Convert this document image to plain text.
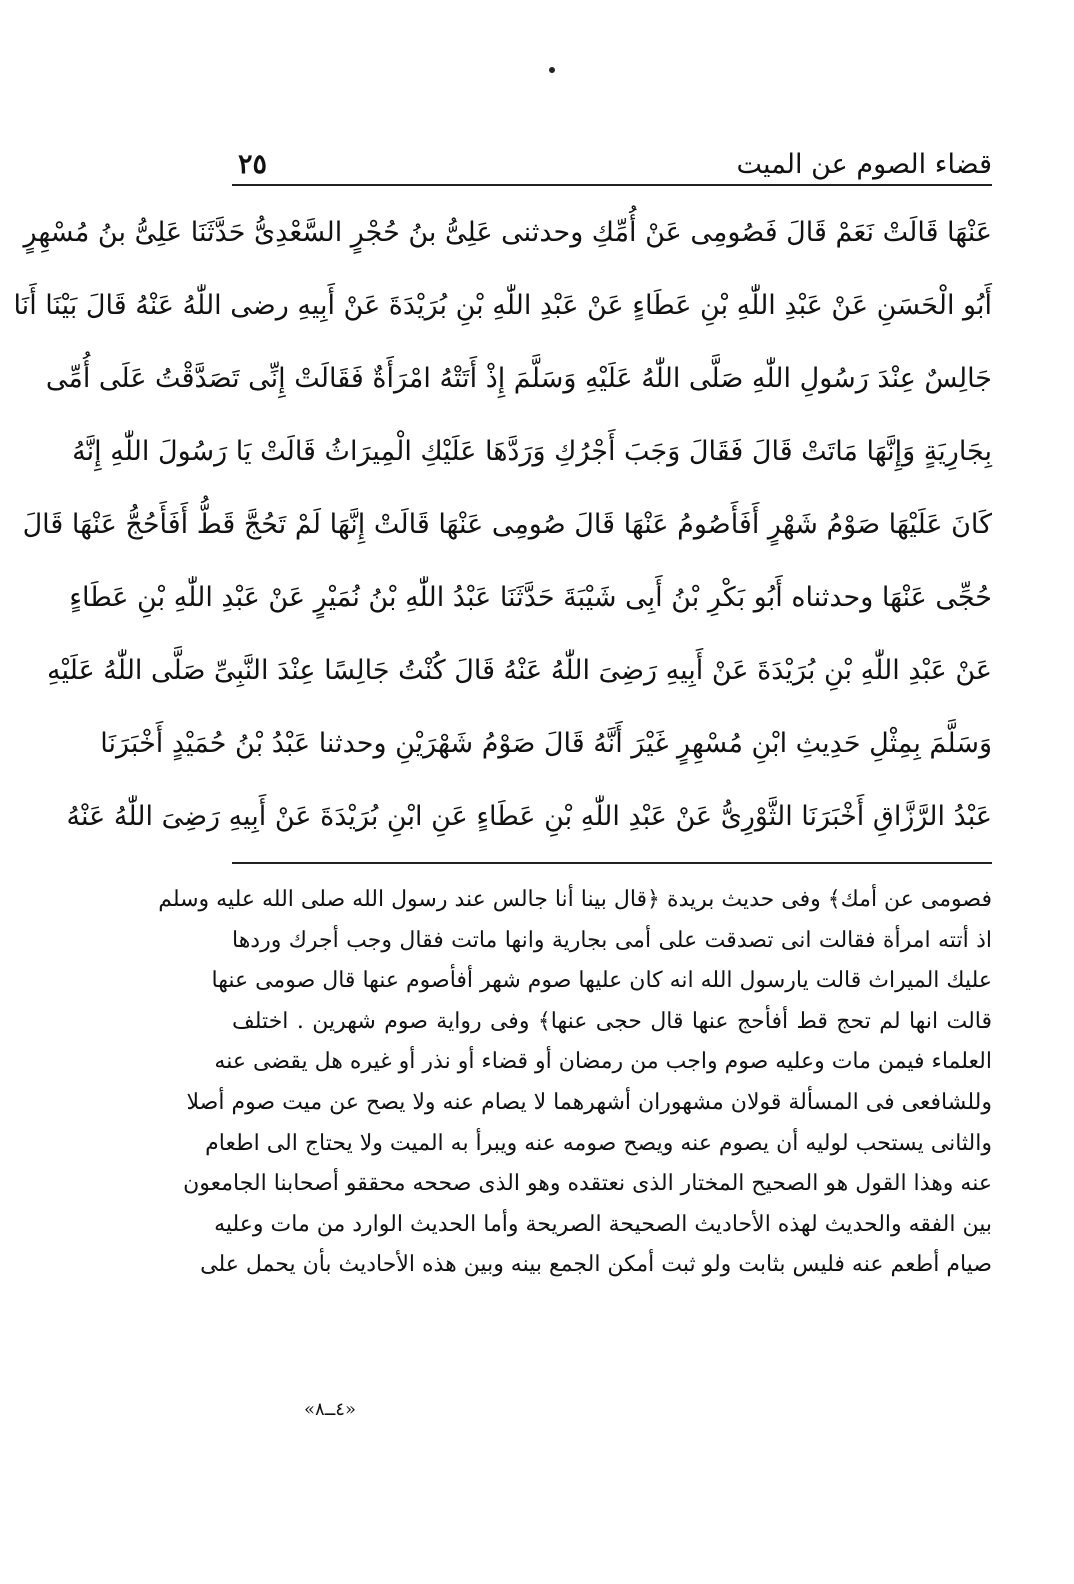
قضاء الصوم عن الميت
٢٥
عَنْهَا قَالَتْ نَعَمْ قَالَ فَصُومِى عَنْ أُمِّكِ وحدثنى عَلِىُّ بنُ حُجْرٍ السَّعْدِىُّ حَدَّثَنَا عَلِىُّ بنُ مُسْهِرٍ
أَبُو الْحَسَنِ عَنْ عَبْدِ اللّٰهِ بْنِ عَطَاءٍ عَنْ عَبْدِ اللّٰهِ بْنِ بُرَيْدَةَ عَنْ أَبِيهِ رضى اللّٰهُ عَنْهُ قَالَ بَيْنَا أَنَا
جَالِسٌ عِنْدَ رَسُولِ اللّٰهِ صَلَّى اللّٰهُ عَلَيْهِ وَسَلَّمَ إِذْ أَتَتْهُ امْرَأَةٌ فَقَالَتْ إِنِّى تَصَدَّقْتُ عَلَى أُمِّى
بِجَارِيَةٍ وَإِنَّهَا مَاتَتْ قَالَ فَقَالَ وَجَبَ أَجْرُكِ وَرَدَّهَا عَلَيْكِ الْمِيرَاثُ قَالَتْ يَا رَسُولَ اللّٰهِ إِنَّهُ
كَانَ عَلَيْهَا صَوْمُ شَهْرٍ أَفَأَصُومُ عَنْهَا قَالَ صُومِى عَنْهَا قَالَتْ إِنَّهَا لَمْ تَحُجَّ قَطُّ أَفَأَحُجُّ عَنْهَا قَالَ
حُجِّى عَنْهَا وحدثناه أَبُو بَكْرِ بْنُ أَبِى شَيْبَةَ حَدَّثَنَا عَبْدُ اللّٰهِ بْنُ نُمَيْرٍ عَنْ عَبْدِ اللّٰهِ بْنِ عَطَاءٍ
عَنْ عَبْدِ اللّٰهِ بْنِ بُرَيْدَةَ عَنْ أَبِيهِ رَضِىَ اللّٰهُ عَنْهُ قَالَ كُنْتُ جَالِسًا عِنْدَ النَّبِىِّ صَلَّى اللّٰهُ عَلَيْهِ
وَسَلَّمَ بِمِثْلِ حَدِيثِ ابْنِ مُسْهِرٍ غَيْرَ أَنَّهُ قَالَ صَوْمُ شَهْرَيْنِ وحدثنا عَبْدُ بْنُ حُمَيْدٍ أَخْبَرَنَا
عَبْدُ الرَّزَّاقِ أَخْبَرَنَا الثَّوْرِىُّ عَنْ عَبْدِ اللّٰهِ بْنِ عَطَاءٍ عَنِ ابْنِ بُرَيْدَةَ عَنْ أَبِيهِ رَضِىَ اللّٰهُ عَنْهُ
فصومى عن أمك﴾ وفى حديث بريدة ﴿قال بينا أنا جالس عند رسول الله صلى الله عليه وسلم
اذ أتته امرأة فقالت انى تصدقت على أمى بجارية وانها ماتت فقال وجب أجرك وردها
عليك الميراث قالت يارسول الله انه كان عليها صوم شهر أفأصوم عنها قال صومى عنها
قالت انها لم تحج قط أفأحج عنها قال حجى عنها﴾ وفى رواية صوم شهرين . اختلف
العلماء فيمن مات وعليه صوم واجب من رمضان أو قضاء أو نذر أو غيره هل يقضى عنه
وللشافعى فى المسألة قولان مشهوران أشهرهما لا يصام عنه ولا يصح عن ميت صوم أصلا
والثانى يستحب لوليه أن يصوم عنه ويصح صومه عنه ويبرأ به الميت ولا يحتاج الى اطعام
عنه وهذا القول هو الصحيح المختار الذى نعتقده وهو الذى صححه محققو أصحابنا الجامعون
بين الفقه والحديث لهذه الأحاديث الصحيحة الصريحة وأما الحديث الوارد من مات وعليه
صيام أطعم عنه فليس بثابت ولو ثبت أمكن الجمع بينه وبين هذه الأحاديث بأن يحمل على
«٤ــ٨»
